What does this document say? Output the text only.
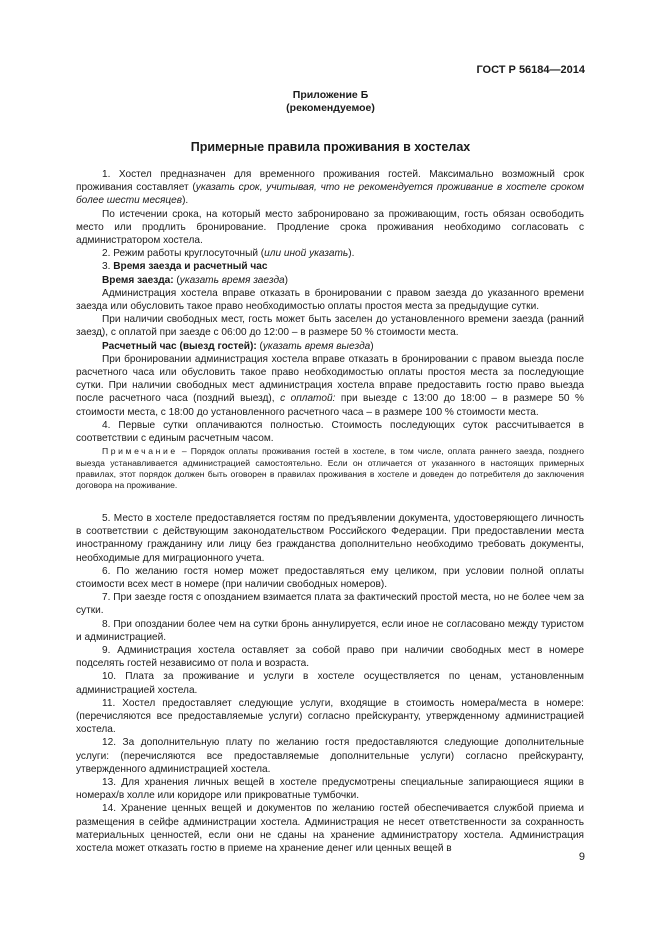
ГОСТ Р 56184—2014
Приложение Б
(рекомендуемое)
Примерные правила проживания в хостелах

1. Хостел предназначен для временного проживания гостей. Максимально возможный срок проживания составляет (указать срок, учитывая, что не рекомендуется проживание в хостеле сроком более шести месяцев).

По истечении срока, на который место забронировано за проживающим, гость обязан освободить место или продлить бронирование. Продление срока проживания необходимо согласовать с администратором хостела.

2. Режим работы круглосуточный (или иной указать).

3. Время заезда и расчетный час

Время заезда: (указать время заезда)

Администрация хостела вправе отказать в бронировании с правом заезда до указанного времени заезда или обусловить такое право необходимостью оплаты простоя места за предыдущие сутки.

При наличии свободных мест, гость может быть заселен до установленного времени заезда (ранний заезд), с оплатой при заезде с 06:00 до 12:00 – в размере 50 % стоимости места.

Расчетный час (выезд гостей): (указать время выезда)

При бронировании администрация хостела вправе отказать в бронировании с правом выезда после расчетного часа или обусловить такое право необходимостью оплаты простоя места за последующие сутки. При наличии свободных мест администрация хостела вправе предоставить гостю право выезда после расчетного часа (поздний выезд), с оплатой: при выезде с 13:00 до 18:00 – в размере 50 % стоимости места, с 18:00 до установленного расчетного часа – в размере 100 % стоимости места.

4. Первые сутки оплачиваются полностью. Стоимость последующих суток рассчитывается в соответствии с единым расчетным часом.

Примечание – Порядок оплаты проживания гостей в хостеле, в том числе, оплата раннего заезда, позднего выезда устанавливается администрацией самостоятельно. Если он отличается от указанного в настоящих примерных правилах, этот порядок должен быть оговорен в правилах проживания в хостеле и доведен до потребителя до заключения договора на проживание.

5. Место в хостеле предоставляется гостям по предъявлении документа, удостоверяющего личность в соответствии с действующим законодательством Российского Федерации. При предоставлении места иностранному гражданину или лицу без гражданства дополнительно необходимо требовать документы, необходимые для миграционного учета.

6. По желанию гостя номер может предоставляться ему целиком, при условии полной оплаты стоимости всех мест в номере (при наличии свободных номеров).

7. При заезде гостя с опозданием взимается плата за фактический простой места, но не более чем за сутки.

8. При опоздании более чем на сутки бронь аннулируется, если иное не согласовано между туристом и администрацией.

9. Администрация хостела оставляет за собой право при наличии свободных мест в номере подселять гостей независимо от пола и возраста.

10. Плата за проживание и услуги в хостеле осуществляется по ценам, установленным администрацией хостела.

11. Хостел предоставляет следующие услуги, входящие в стоимость номера/места в номере: (перечисляются все предоставляемые услуги) согласно прейскуранту, утвержденному администрацией хостела.

12. За дополнительную плату по желанию гостя предоставляются следующие дополнительные услуги: (перечисляются все предоставляемые дополнительные услуги) согласно прейскуранту, утвержденного администрацией хостела.

13. Для хранения личных вещей в хостеле предусмотрены специальные запирающиеся ящики в номерах/в холле или коридоре или прикроватные тумбочки.

14. Хранение ценных вещей и документов по желанию гостей обеспечивается службой приема и размещения в сейфе администрации хостела. Администрация не несет ответственности за сохранность материальных ценностей, если они не сданы на хранение администратору хостела. Администрация хостела может отказать гостю в приеме на хранение денег или ценных вещей в

9
